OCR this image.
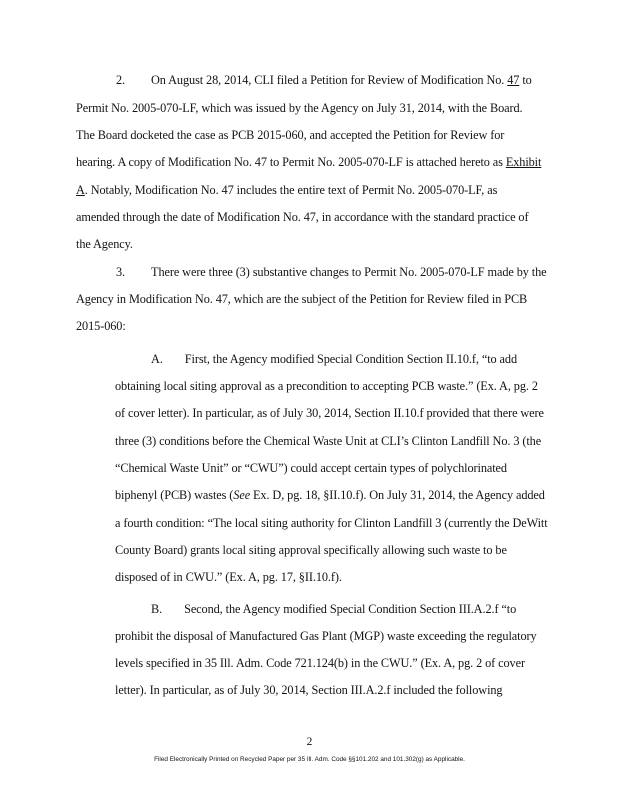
2. On August 28, 2014, CLI filed a Petition for Review of Modification No. 47 to
Permit No. 2005-070-LF, which was issued by the Agency on July 31, 2014, with the Board.
The Board docketed the case as PCB 2015-060, and accepted the Petition for Review for
hearing. A copy of Modification No. 47 to Permit No. 2005-070-LF is attached hereto as Exhibit
A. Notably, Modification No. 47 includes the entire text of Permit No. 2005-070-LF, as
amended through the date of Modification No. 47, in accordance with the standard practice of
the Agency.
3. There were three (3) substantive changes to Permit No. 2005-070-LF made by the
Agency in Modification No. 47, which are the subject of the Petition for Review filed in PCB
2015-060:
A. First, the Agency modified Special Condition Section II.10.f, “to add
obtaining local siting approval as a precondition to accepting PCB waste.” (Ex. A, pg. 2
of cover letter). In particular, as of July 30, 2014, Section II.10.f provided that there were
three (3) conditions before the Chemical Waste Unit at CLI’s Clinton Landfill No. 3 (the
“Chemical Waste Unit” or “CWU”) could accept certain types of polychlorinated
biphenyl (PCB) wastes (See Ex. D, pg. 18, §II.10.f). On July 31, 2014, the Agency added
a fourth condition: “The local siting authority for Clinton Landfill 3 (currently the DeWitt
County Board) grants local siting approval specifically allowing such waste to be
disposed of in CWU.” (Ex. A, pg. 17, §II.10.f).
B. Second, the Agency modified Special Condition Section III.A.2.f “to
prohibit the disposal of Manufactured Gas Plant (MGP) waste exceeding the regulatory
levels specified in 35 Ill. Adm. Code 721.124(b) in the CWU.” (Ex. A, pg. 2 of cover
letter). In particular, as of July 30, 2014, Section III.A.2.f included the following
2
Filed Electronically Printed on Recycled Paper per 35 Ill. Adm. Code §§101.202 and 101.302(g) as Applicable.
